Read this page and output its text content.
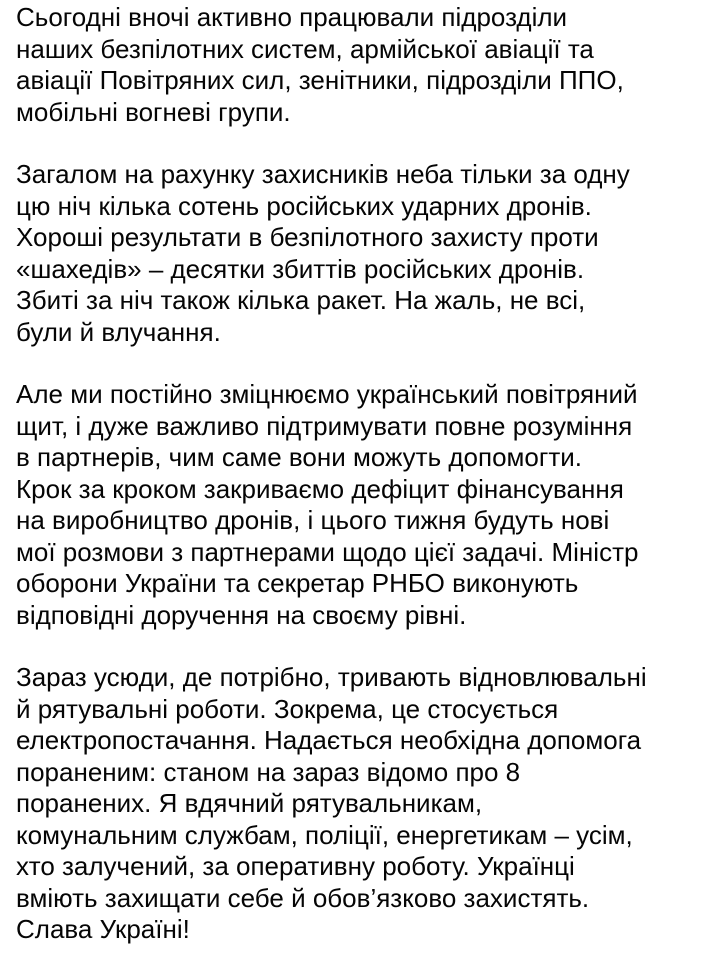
Сьогодні вночі активно працювали підрозділи
наших безпілотних систем, армійської авіації та
авіації Повітряних сил, зенітники, підрозділи ППО,
мобільні вогневі групи.

Загалом на рахунку захисників неба тільки за одну
цю ніч кілька сотень російських ударних дронів.
Хороші результати в безпілотного захисту проти
«шахедів» – десятки збиттів російських дронів.
Збиті за ніч також кілька ракет. На жаль, не всі,
були й влучання.

Але ми постійно зміцнюємо український повітряний
щит, і дуже важливо підтримувати повне розуміння
в партнерів, чим саме вони можуть допомогти.
Крок за кроком закриваємо дефіцит фінансування
на виробництво дронів, і цього тижня будуть нові
мої розмови з партнерами щодо цієї задачі. Міністр
оборони України та секретар РНБО виконують
відповідні доручення на своєму рівні.

Зараз усюди, де потрібно, тривають відновлювальні
й рятувальні роботи. Зокрема, це стосується
електропостачання. Надається необхідна допомога
пораненим: станом на зараз відомо про 8
поранених. Я вдячний рятувальникам,
комунальним службам, поліції, енергетикам – усім,
хто залучений, за оперативну роботу. Українці
вміють захищати себе й обов’язково захистять.
Слава Україні!
